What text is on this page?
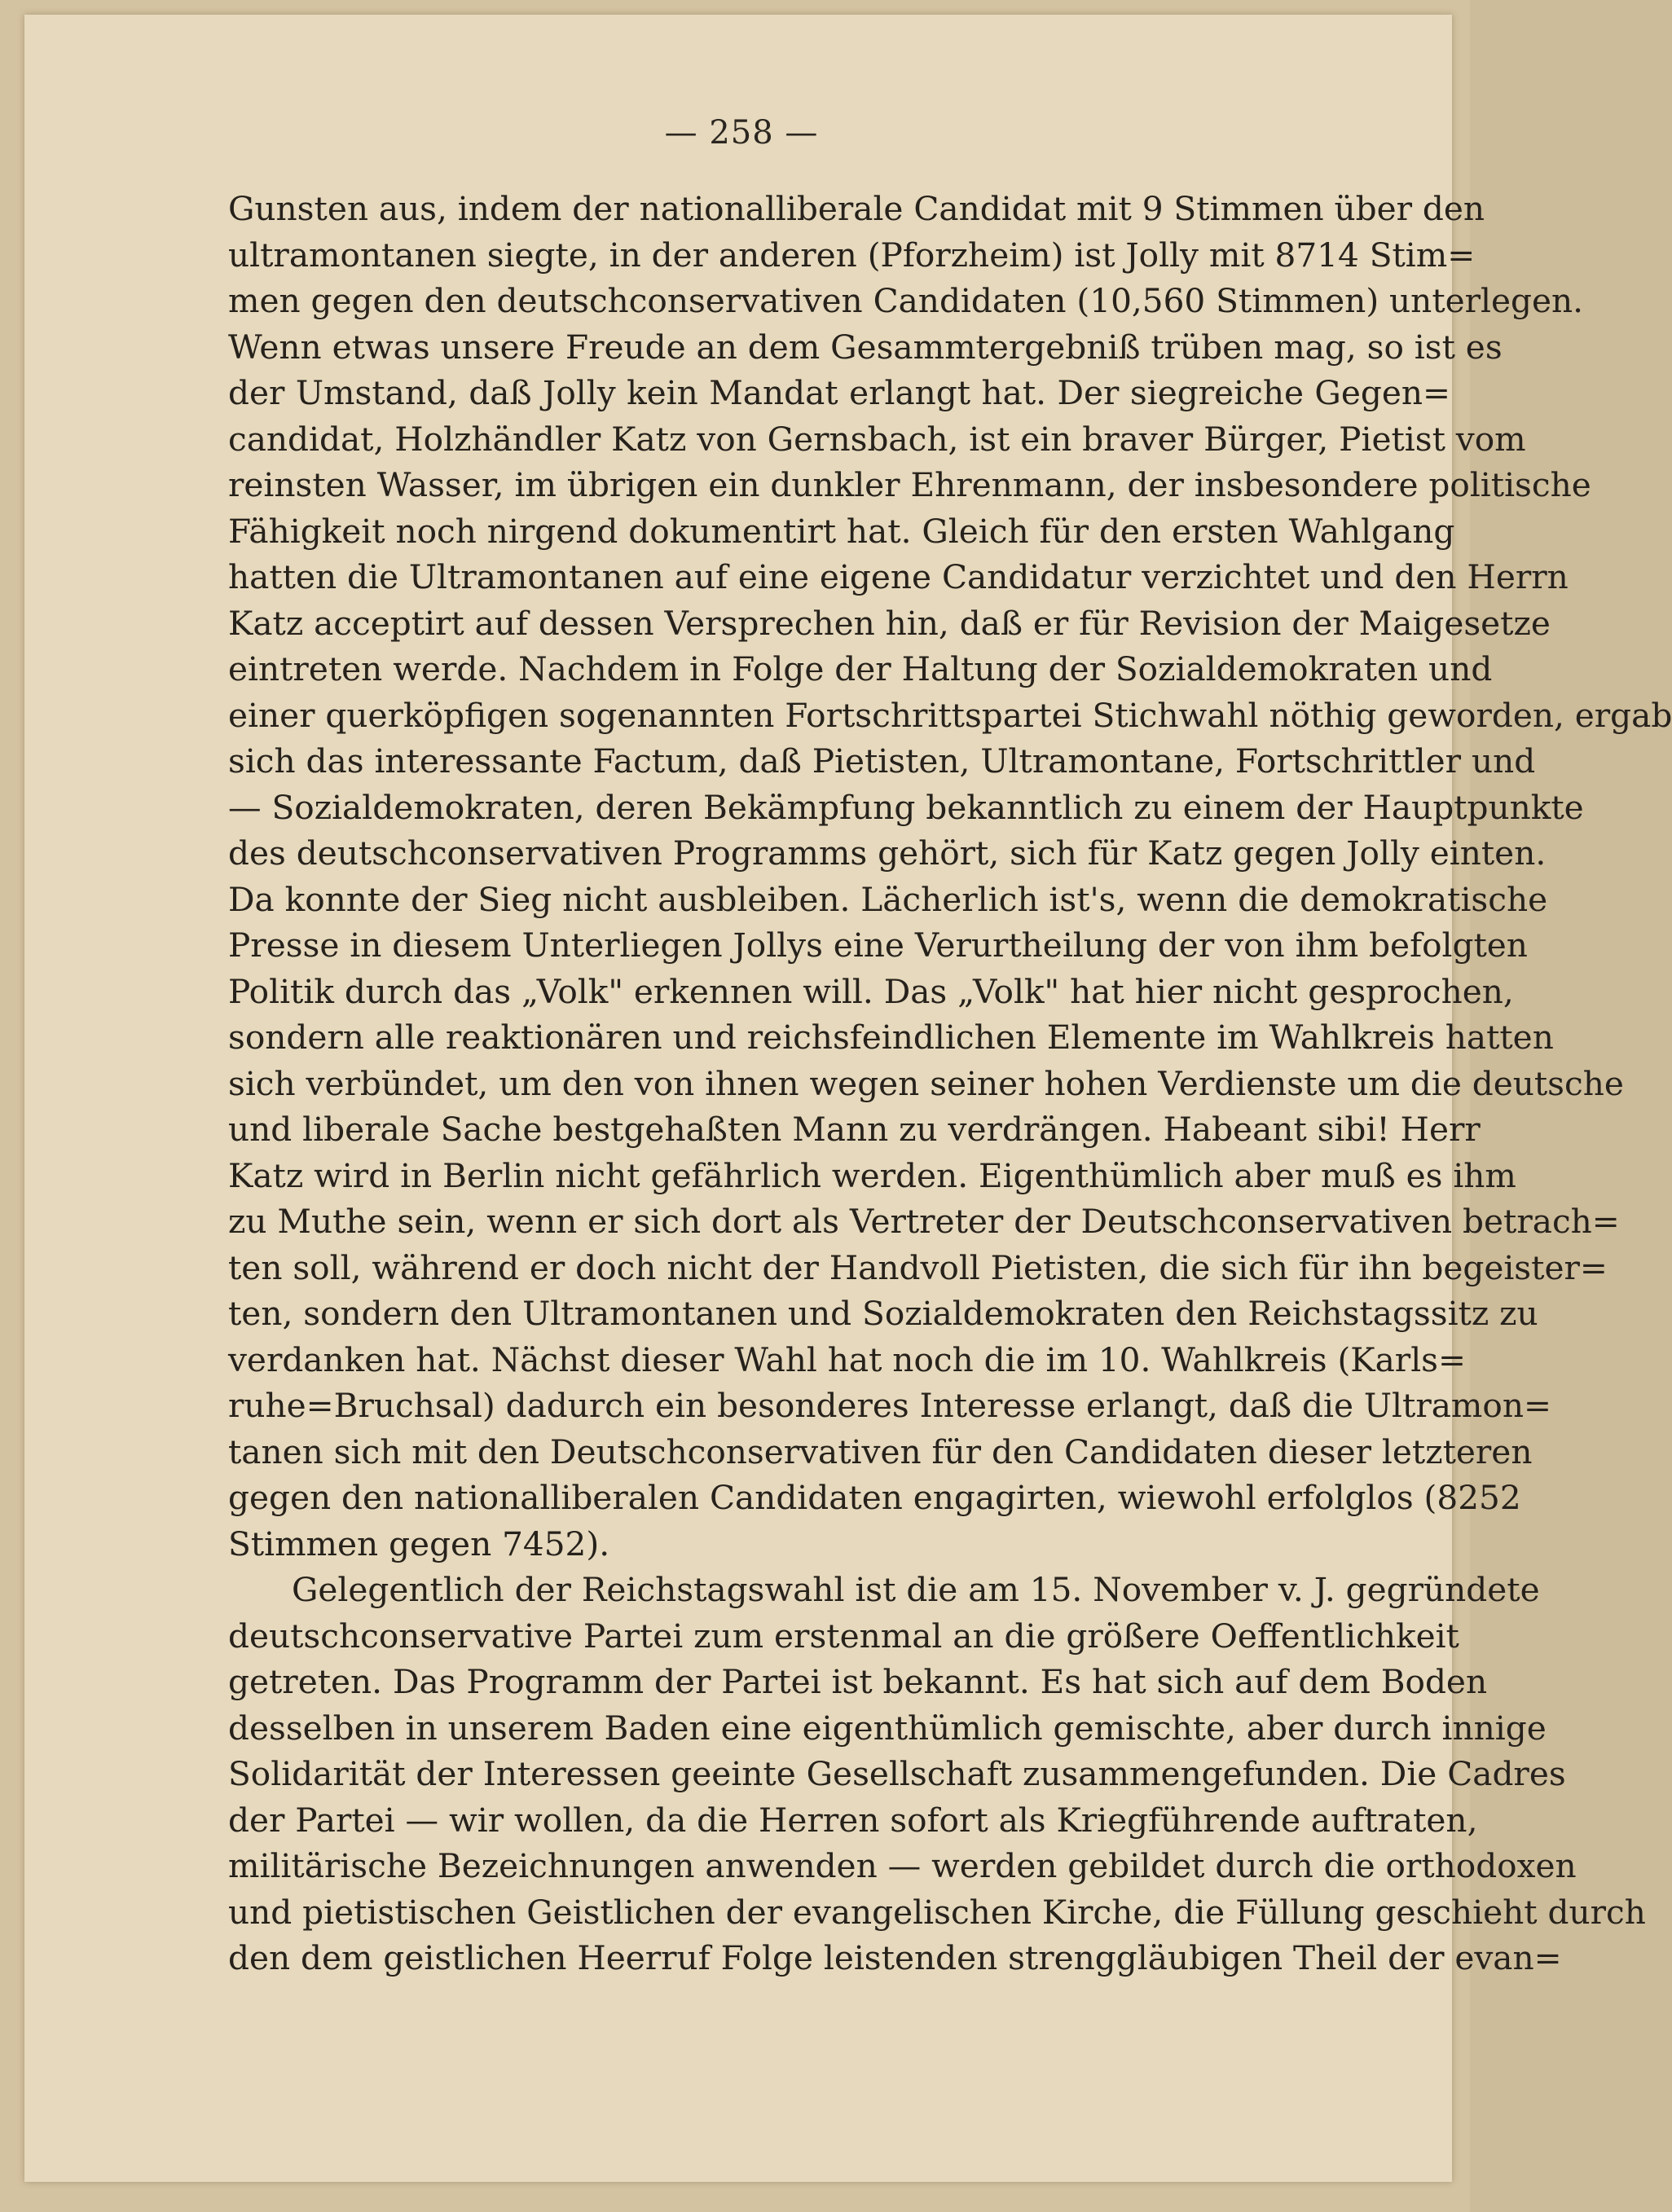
— 258 —
Gunsten aus, indem der nationalliberale Candidat mit 9 Stimmen über den
ultramontanen siegte, in der anderen (Pforzheim) ist Jolly mit 8714 Stim=
men gegen den deutschconservativen Candidaten (10,560 Stimmen) unterlegen.
Wenn etwas unsere Freude an dem Gesammtergebniß trüben mag, so ist es
der Umstand, daß Jolly kein Mandat erlangt hat. Der siegreiche Gegen=
candidat, Holzhändler Katz von Gernsbach, ist ein braver Bürger, Pietist vom
reinsten Wasser, im übrigen ein dunkler Ehrenmann, der insbesondere politische
Fähigkeit noch nirgend dokumentirt hat. Gleich für den ersten Wahlgang
hatten die Ultramontanen auf eine eigene Candidatur verzichtet und den Herrn
Katz acceptirt auf dessen Versprechen hin, daß er für Revision der Maigesetze
eintreten werde. Nachdem in Folge der Haltung der Sozialdemokraten und
einer querköpfigen sogenannten Fortschrittspartei Stichwahl nöthig geworden, ergab
sich das interessante Factum, daß Pietisten, Ultramontane, Fortschrittler und
— Sozialdemokraten, deren Bekämpfung bekanntlich zu einem der Hauptpunkte
des deutschconservativen Programms gehört, sich für Katz gegen Jolly einten.
Da konnte der Sieg nicht ausbleiben. Lächerlich ist's, wenn die demokratische
Presse in diesem Unterliegen Jollys eine Verurtheilung der von ihm befolgten
Politik durch das „Volk" erkennen will. Das „Volk" hat hier nicht gesprochen,
sondern alle reaktionären und reichsfeindlichen Elemente im Wahlkreis hatten
sich verbündet, um den von ihnen wegen seiner hohen Verdienste um die deutsche
und liberale Sache bestgehaßten Mann zu verdrängen. Habeant sibi! Herr
Katz wird in Berlin nicht gefährlich werden. Eigenthümlich aber muß es ihm
zu Muthe sein, wenn er sich dort als Vertreter der Deutschconservativen betrach=
ten soll, während er doch nicht der Handvoll Pietisten, die sich für ihn begeister=
ten, sondern den Ultramontanen und Sozialdemokraten den Reichstagssitz zu
verdanken hat. Nächst dieser Wahl hat noch die im 10. Wahlkreis (Karls=
ruhe=Bruchsal) dadurch ein besonderes Interesse erlangt, daß die Ultramon=
tanen sich mit den Deutschconservativen für den Candidaten dieser letzteren
gegen den nationalliberalen Candidaten engagirten, wiewohl erfolglos (8252
Stimmen gegen 7452).
Gelegentlich der Reichstagswahl ist die am 15. November v. J. gegründete
deutschconservative Partei zum erstenmal an die größere Oeffentlichkeit
getreten. Das Programm der Partei ist bekannt. Es hat sich auf dem Boden
desselben in unserem Baden eine eigenthümlich gemischte, aber durch innige
Solidarität der Interessen geeinte Gesellschaft zusammengefunden. Die Cadres
der Partei — wir wollen, da die Herren sofort als Kriegführende auftraten,
militärische Bezeichnungen anwenden — werden gebildet durch die orthodoxen
und pietistischen Geistlichen der evangelischen Kirche, die Füllung geschieht durch
den dem geistlichen Heerruf Folge leistenden strenggläubigen Theil der evan=
